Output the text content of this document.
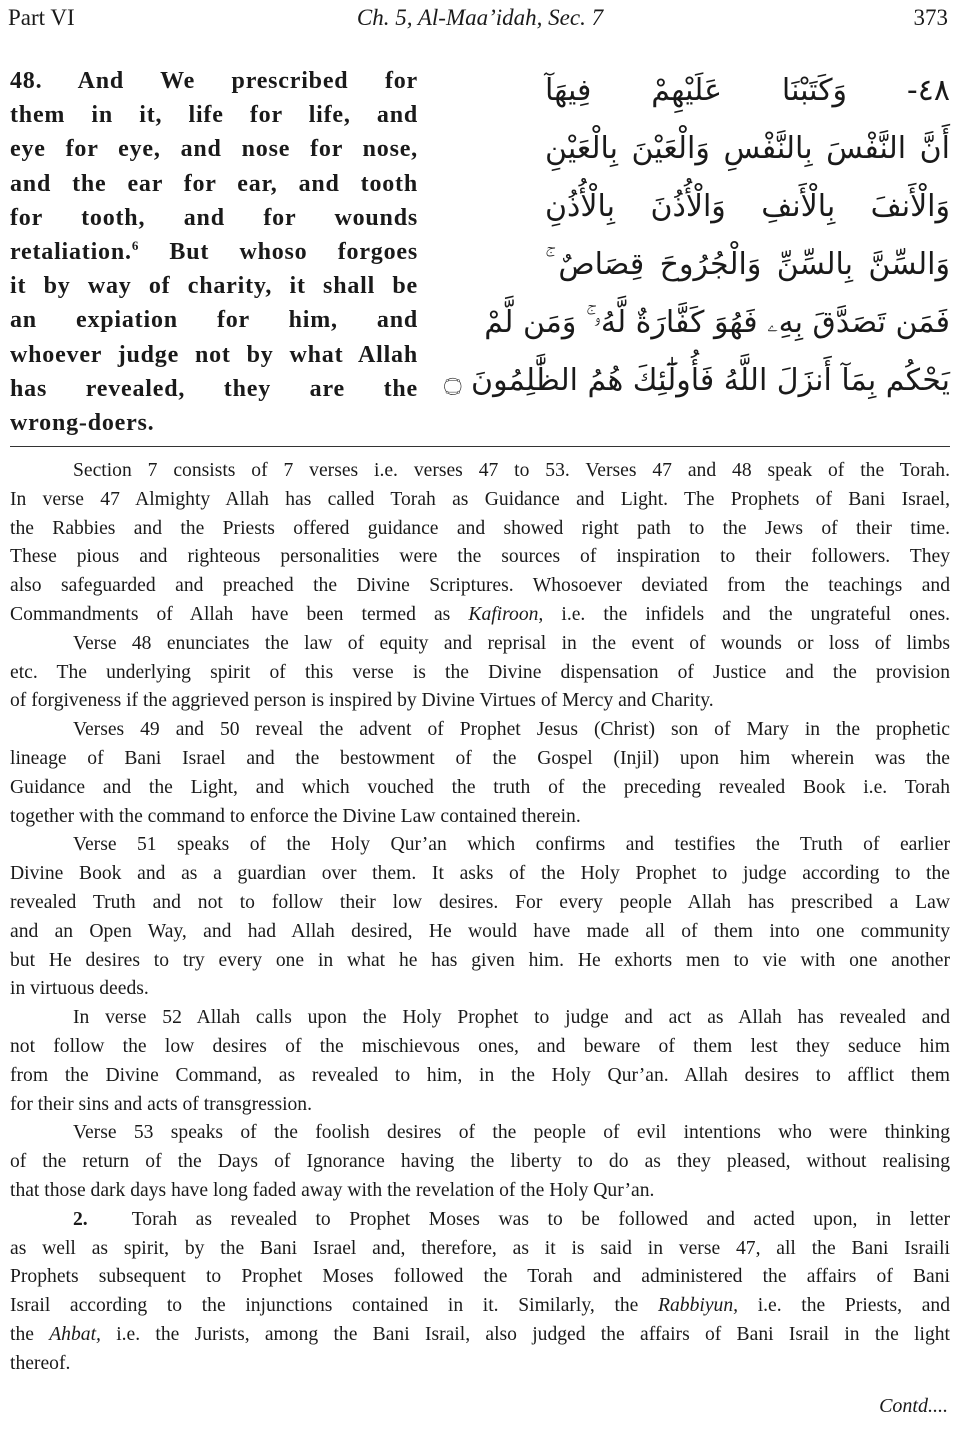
Part VI	Ch. 5, Al-Maa’idah, Sec. 7	373
48. And We prescribed for
them in it, life for life, and
eye for eye, and nose for nose,
and the ear for ear, and tooth
for tooth, and for wounds
retaliation.$^6$ But whoso forgoes
it by way of charity, it shall be
an expiation for him, and
whoever judge not by what Allah
has revealed, they are the
wrong-doers.
٤٨- وَكَتَبْنَا عَلَيْهِمْ فِيهَآ
أَنَّ النَّفْسَ بِالنَّفْسِ وَالْعَيْنَ بِالْعَيْنِ
وَالْأَنفَ بِالْأَنفِ وَالْأُذُنَ بِالْأُذُنِ
وَالسِّنَّ بِالسِّنِّ وَالْجُرُوحَ قِصَاصٌ ۚ
فَمَن تَصَدَّقَ بِهِۦ فَهُوَ كَفَّارَةٌ لَّهُۥ ۚ وَمَن لَّمْ
يَحْكُم بِمَآ أَنزَلَ اللَّهُ فَأُولَٰٓئِكَ هُمُ الظَّٰلِمُونَ ۝
Section 7 consists of 7 verses i.e. verses 47 to 53. Verses 47 and 48 speak of the Torah.
In verse 47 Almighty Allah has called Torah as Guidance and Light. The Prophets of Bani Israel,
the Rabbies and the Priests offered guidance and showed right path to the Jews of their time.
These pious and righteous personalities were the sources of inspiration to their followers. They
also safeguarded and preached the Divine Scriptures. Whosoever deviated from the teachings and
Commandments of Allah have been termed as Kafiroon, i.e. the infidels and the ungrateful ones.
Verse 48 enunciates the law of equity and reprisal in the event of wounds or loss of limbs
etc. The underlying spirit of this verse is the Divine dispensation of Justice and the provision
of forgiveness if the aggrieved person is inspired by Divine Virtues of Mercy and Charity.
Verses 49 and 50 reveal the advent of Prophet Jesus (Christ) son of Mary in the prophetic
lineage of Bani Israel and the bestowment of the Gospel (Injil) upon him wherein was the
Guidance and the Light, and which vouched the truth of the preceding revealed Book i.e. Torah
together with the command to enforce the Divine Law contained therein.
Verse 51 speaks of the Holy Qur’an which confirms and testifies the Truth of earlier
Divine Book and as a guardian over them. It asks of the Holy Prophet to judge according to the
revealed Truth and not to follow their low desires. For every people Allah has prescribed a Law
and an Open Way, and had Allah desired, He would have made all of them into one community
but He desires to try every one in what he has given him. He exhorts men to vie with one another
in virtuous deeds.
In verse 52 Allah calls upon the Holy Prophet to judge and act as Allah has revealed and
not follow the low desires of the mischievous ones, and beware of them lest they seduce him
from the Divine Command, as revealed to him, in the Holy Qur’an. Allah desires to afflict them
for their sins and acts of transgression.
Verse 53 speaks of the foolish desires of the people of evil intentions who were thinking
of the return of the Days of Ignorance having the liberty to do as they pleased, without realising
that those dark days have long faded away with the revelation of the Holy Qur’an.
2. Torah as revealed to Prophet Moses was to be followed and acted upon, in letter
as well as spirit, by the Bani Israel and, therefore, as it is said in verse 47, all the Bani Israili
Prophets subsequent to Prophet Moses followed the Torah and administered the affairs of Bani
Israil according to the injunctions contained in it. Similarly, the Rabbiyun, i.e. the Priests, and
the Ahbat, i.e. the Jurists, among the Bani Israil, also judged the affairs of Bani Israil in the light
thereof.
Contd....
